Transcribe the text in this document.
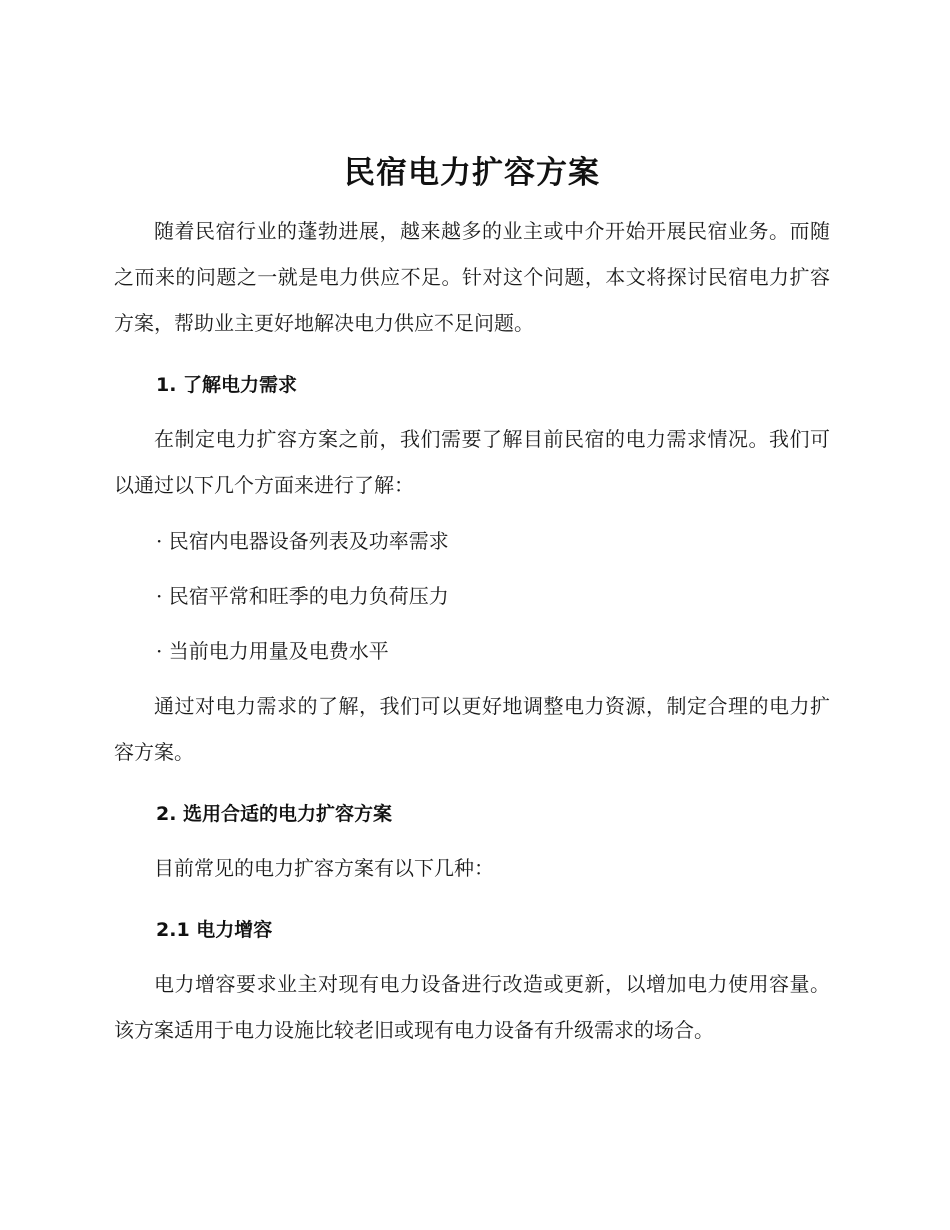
民宿电力扩容方案

随着民宿行业的蓬勃进展，越来越多的业主或中介开始开展民宿业务。而随之而来的问题之一就是电力供应不足。针对这个问题，本文将探讨民宿电力扩容方案，帮助业主更好地解决电力供应不足问题。

1. 了解电力需求

在制定电力扩容方案之前，我们需要了解目前民宿的电力需求情况。我们可以通过以下几个方面来进行了解：

· 民宿内电器设备列表及功率需求
· 民宿平常和旺季的电力负荷压力
· 当前电力用量及电费水平

通过对电力需求的了解，我们可以更好地调整电力资源，制定合理的电力扩容方案。

2. 选用合适的电力扩容方案

目前常见的电力扩容方案有以下几种：

2.1 电力增容

电力增容要求业主对现有电力设备进行改造或更新，以增加电力使用容量。该方案适用于电力设施比较老旧或现有电力设备有升级需求的场合。
